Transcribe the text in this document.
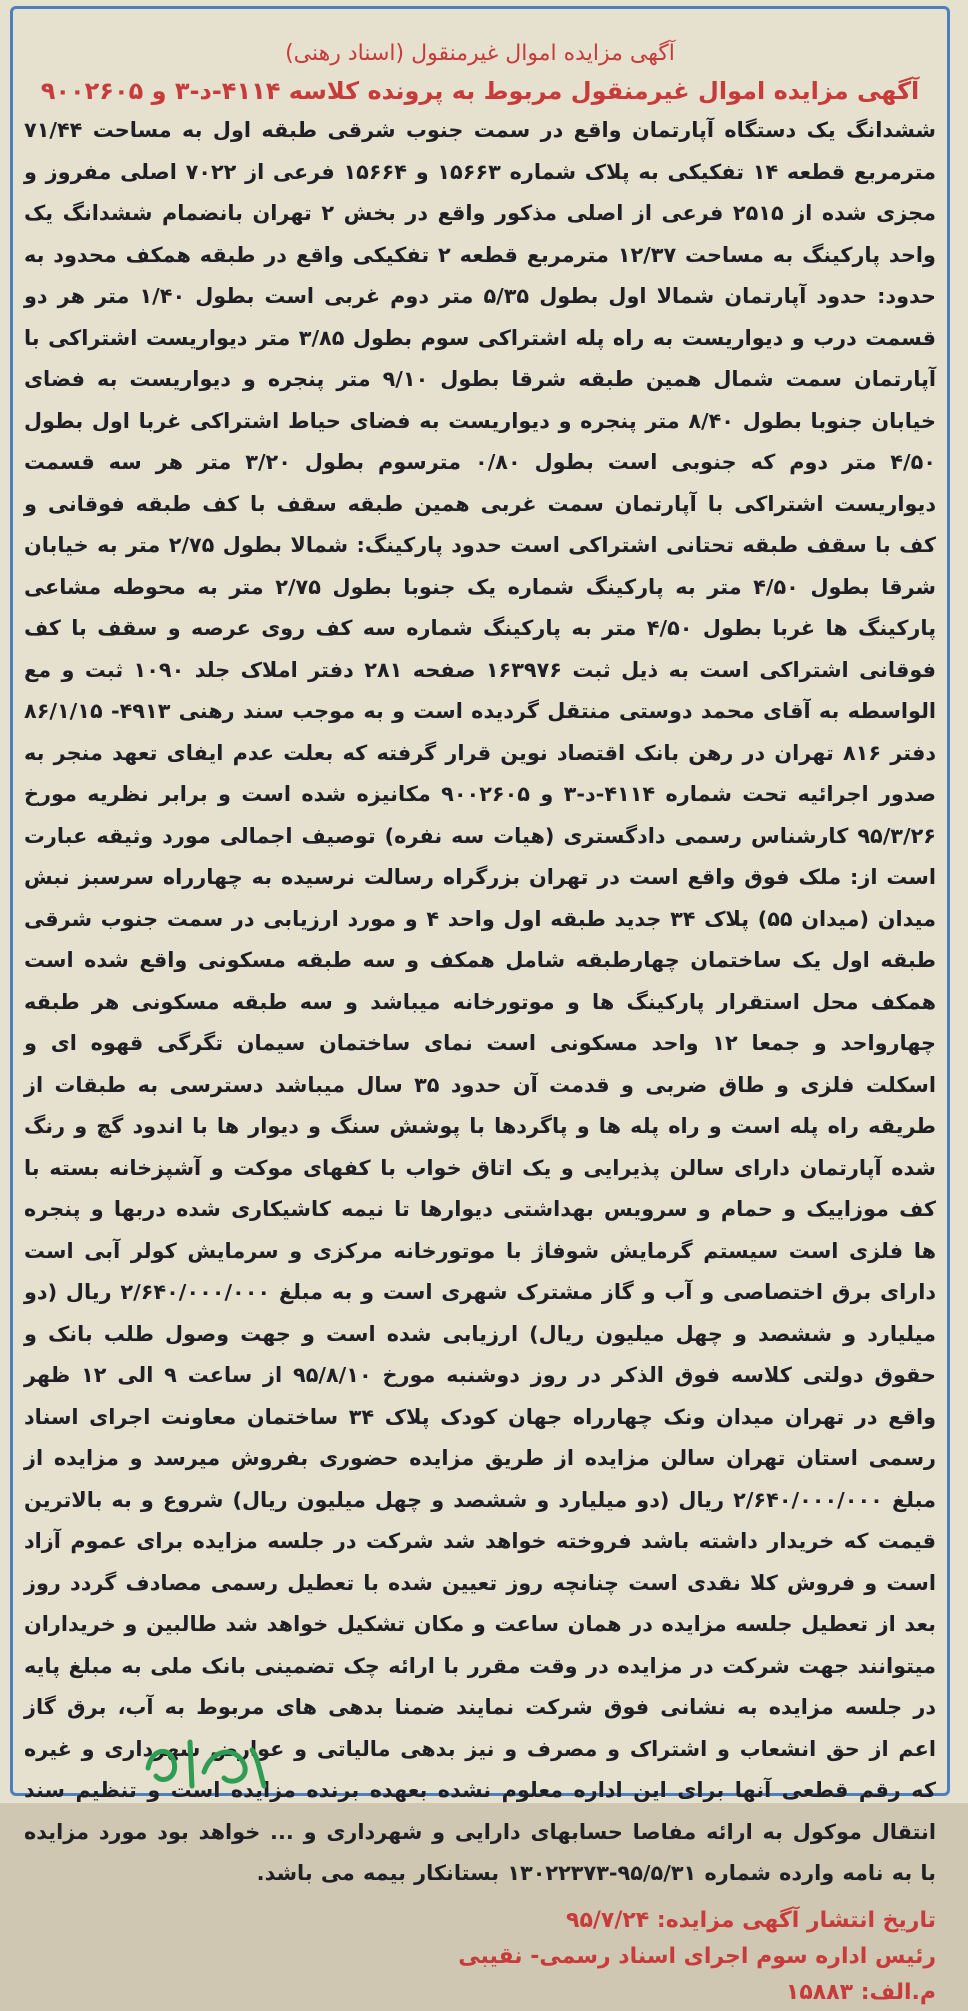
آگهی مزایده اموال غیرمنقول (اسناد رهنی)

آگهی مزایده اموال غیرمنقول مربوط به پرونده کلاسه ۴۱۱۴-د-۳ و ۹۰۰۲۶۰۵

ششدانگ یک دستگاه آپارتمان واقع در سمت جنوب شرقی طبقه اول به مساحت ۷۱/۴۴ مترمربع قطعه ۱۴ تفکیکی به پلاک شماره ۱۵۶۶۳ و ۱۵۶۶۴ فرعی از ۷۰۲۲ اصلی مفروز و مجزی شده از ۲۵۱۵ فرعی از اصلی مذکور واقع در بخش ۲ تهران بانضمام ششدانگ یک واحد پارکینگ به مساحت ۱۲/۳۷ مترمربع قطعه ۲ تفکیکی واقع در طبقه همکف محدود به حدود: حدود آپارتمان شمالا اول بطول ۵/۳۵ متر دوم غربی است بطول ۱/۴۰ متر هر دو قسمت درب و دیواریست به راه پله اشتراکی سوم بطول ۳/۸۵ متر دیواریست اشتراکی با آپارتمان سمت شمال همین طبقه شرقا بطول ۹/۱۰ متر پنجره و دیواریست به فضای خیابان جنوبا بطول ۸/۴۰ متر پنجره و دیواریست به فضای حیاط اشتراکی غربا اول بطول ۴/۵۰ متر دوم که جنوبی است بطول ۰/۸۰ مترسوم بطول ۳/۲۰ متر هر سه قسمت دیواریست اشتراکی با آپارتمان سمت غربی همین طبقه سقف با کف طبقه فوقانی و کف با سقف طبقه تحتانی اشتراکی است حدود پارکینگ: شمالا بطول ۲/۷۵ متر به خیابان شرقا بطول ۴/۵۰ متر به پارکینگ شماره یک جنوبا بطول ۲/۷۵ متر به محوطه مشاعی پارکینگ ها غربا بطول ۴/۵۰ متر به پارکینگ شماره سه کف روی عرصه و سقف با کف فوقانی اشتراکی است به ذیل ثبت ۱۶۳۹۷۶ صفحه ۲۸۱ دفتر املاک جلد ۱۰۹۰ ثبت و مع الواسطه به آقای محمد دوستی منتقل گردیده است و به موجب سند رهنی ۴۹۱۳- ۸۶/۱/۱۵ دفتر ۸۱۶ تهران در رهن بانک اقتصاد نوین قرار گرفته که بعلت عدم ایفای تعهد منجر به صدور اجرائیه تحت شماره ۴۱۱۴-د-۳ و ۹۰۰۲۶۰۵ مکانیزه شده است و برابر نظریه مورخ ۹۵/۳/۲۶ کارشناس رسمی دادگستری (هیات سه نفره) توصیف اجمالی مورد وثیقه عبارت است از: ملک فوق واقع است در تهران بزرگراه رسالت نرسیده به چهارراه سرسبز نبش میدان (میدان ۵۵) پلاک ۳۴ جدید طبقه اول واحد ۴ و مورد ارزیابی در سمت جنوب شرقی طبقه اول یک ساختمان چهارطبقه شامل همکف و سه طبقه مسکونی واقع شده است همکف محل استقرار پارکینگ ها و موتورخانه میباشد و سه طبقه مسکونی هر طبقه چهارواحد و جمعا ۱۲ واحد مسکونی است نمای ساختمان سیمان تگرگی قهوه ای و اسکلت فلزی و طاق ضربی و قدمت آن حدود ۳۵ سال میباشد دسترسی به طبقات از طریقه راه پله است و راه پله ها و پاگردها با پوشش سنگ و دیوار ها با اندود گچ و رنگ شده آپارتمان دارای سالن پذیرایی و یک اتاق خواب با کفهای موکت و آشپزخانه بسته با کف موزاییک و حمام و سرویس بهداشتی دیوارها تا نیمه کاشیکاری شده دربها و پنجره ها فلزی است سیستم گرمایش شوفاژ با موتورخانه مرکزی و سرمایش کولر آبی است دارای برق اختصاصی و آب و گاز مشترک شهری است و به مبلغ ۲/۶۴۰/۰۰۰/۰۰۰ ریال (دو میلیارد و ششصد و چهل میلیون ریال) ارزیابی شده است و جهت وصول طلب بانک و حقوق دولتی کلاسه فوق الذکر در روز دوشنبه مورخ ۹۵/۸/۱۰ از ساعت ۹ الی ۱۲ ظهر واقع در تهران میدان ونک چهارراه جهان کودک پلاک ۳۴ ساختمان معاونت اجرای اسناد رسمی استان تهران سالن مزایده از طریق مزایده حضوری بفروش میرسد و مزایده از مبلغ ۲/۶۴۰/۰۰۰/۰۰۰ ریال (دو میلیارد و ششصد و چهل میلیون ریال) شروع و به بالاترین قیمت که خریدار داشته باشد فروخته خواهد شد شرکت در جلسه مزایده برای عموم آزاد است و فروش کلا نقدی است چنانچه روز تعیین شده با تعطیل رسمی مصادف گردد روز بعد از تعطیل جلسه مزایده در همان ساعت و مکان تشکیل خواهد شد طالبین و خریداران میتوانند جهت شرکت در مزایده در وقت مقرر با ارائه چک تضمینی بانک ملی به مبلغ پایه در جلسه مزایده به نشانی فوق شرکت نمایند ضمنا بدهی های مربوط به آب، برق گاز اعم از حق انشعاب و اشتراک و مصرف و نیز بدهی مالیاتی و عوارض شهرداری و غیره که رقم قطعی آنها برای این اداره معلوم نشده بعهده برنده مزایده است و تنظیم سند انتقال موکول به ارائه مفاصا حسابهای دارایی و شهرداری و ... خواهد بود مورد مزایده با به نامه وارده شماره ۹۵/۵/۳۱-۱۳۰۲۲۳۷۳ بستانکار بیمه می باشد.

تاریخ انتشار آگهی مزایده: ۹۵/۷/۲۴
رئیس اداره سوم اجرای اسناد رسمی- نقیبی
م.الف: ۱۵۸۸۳
